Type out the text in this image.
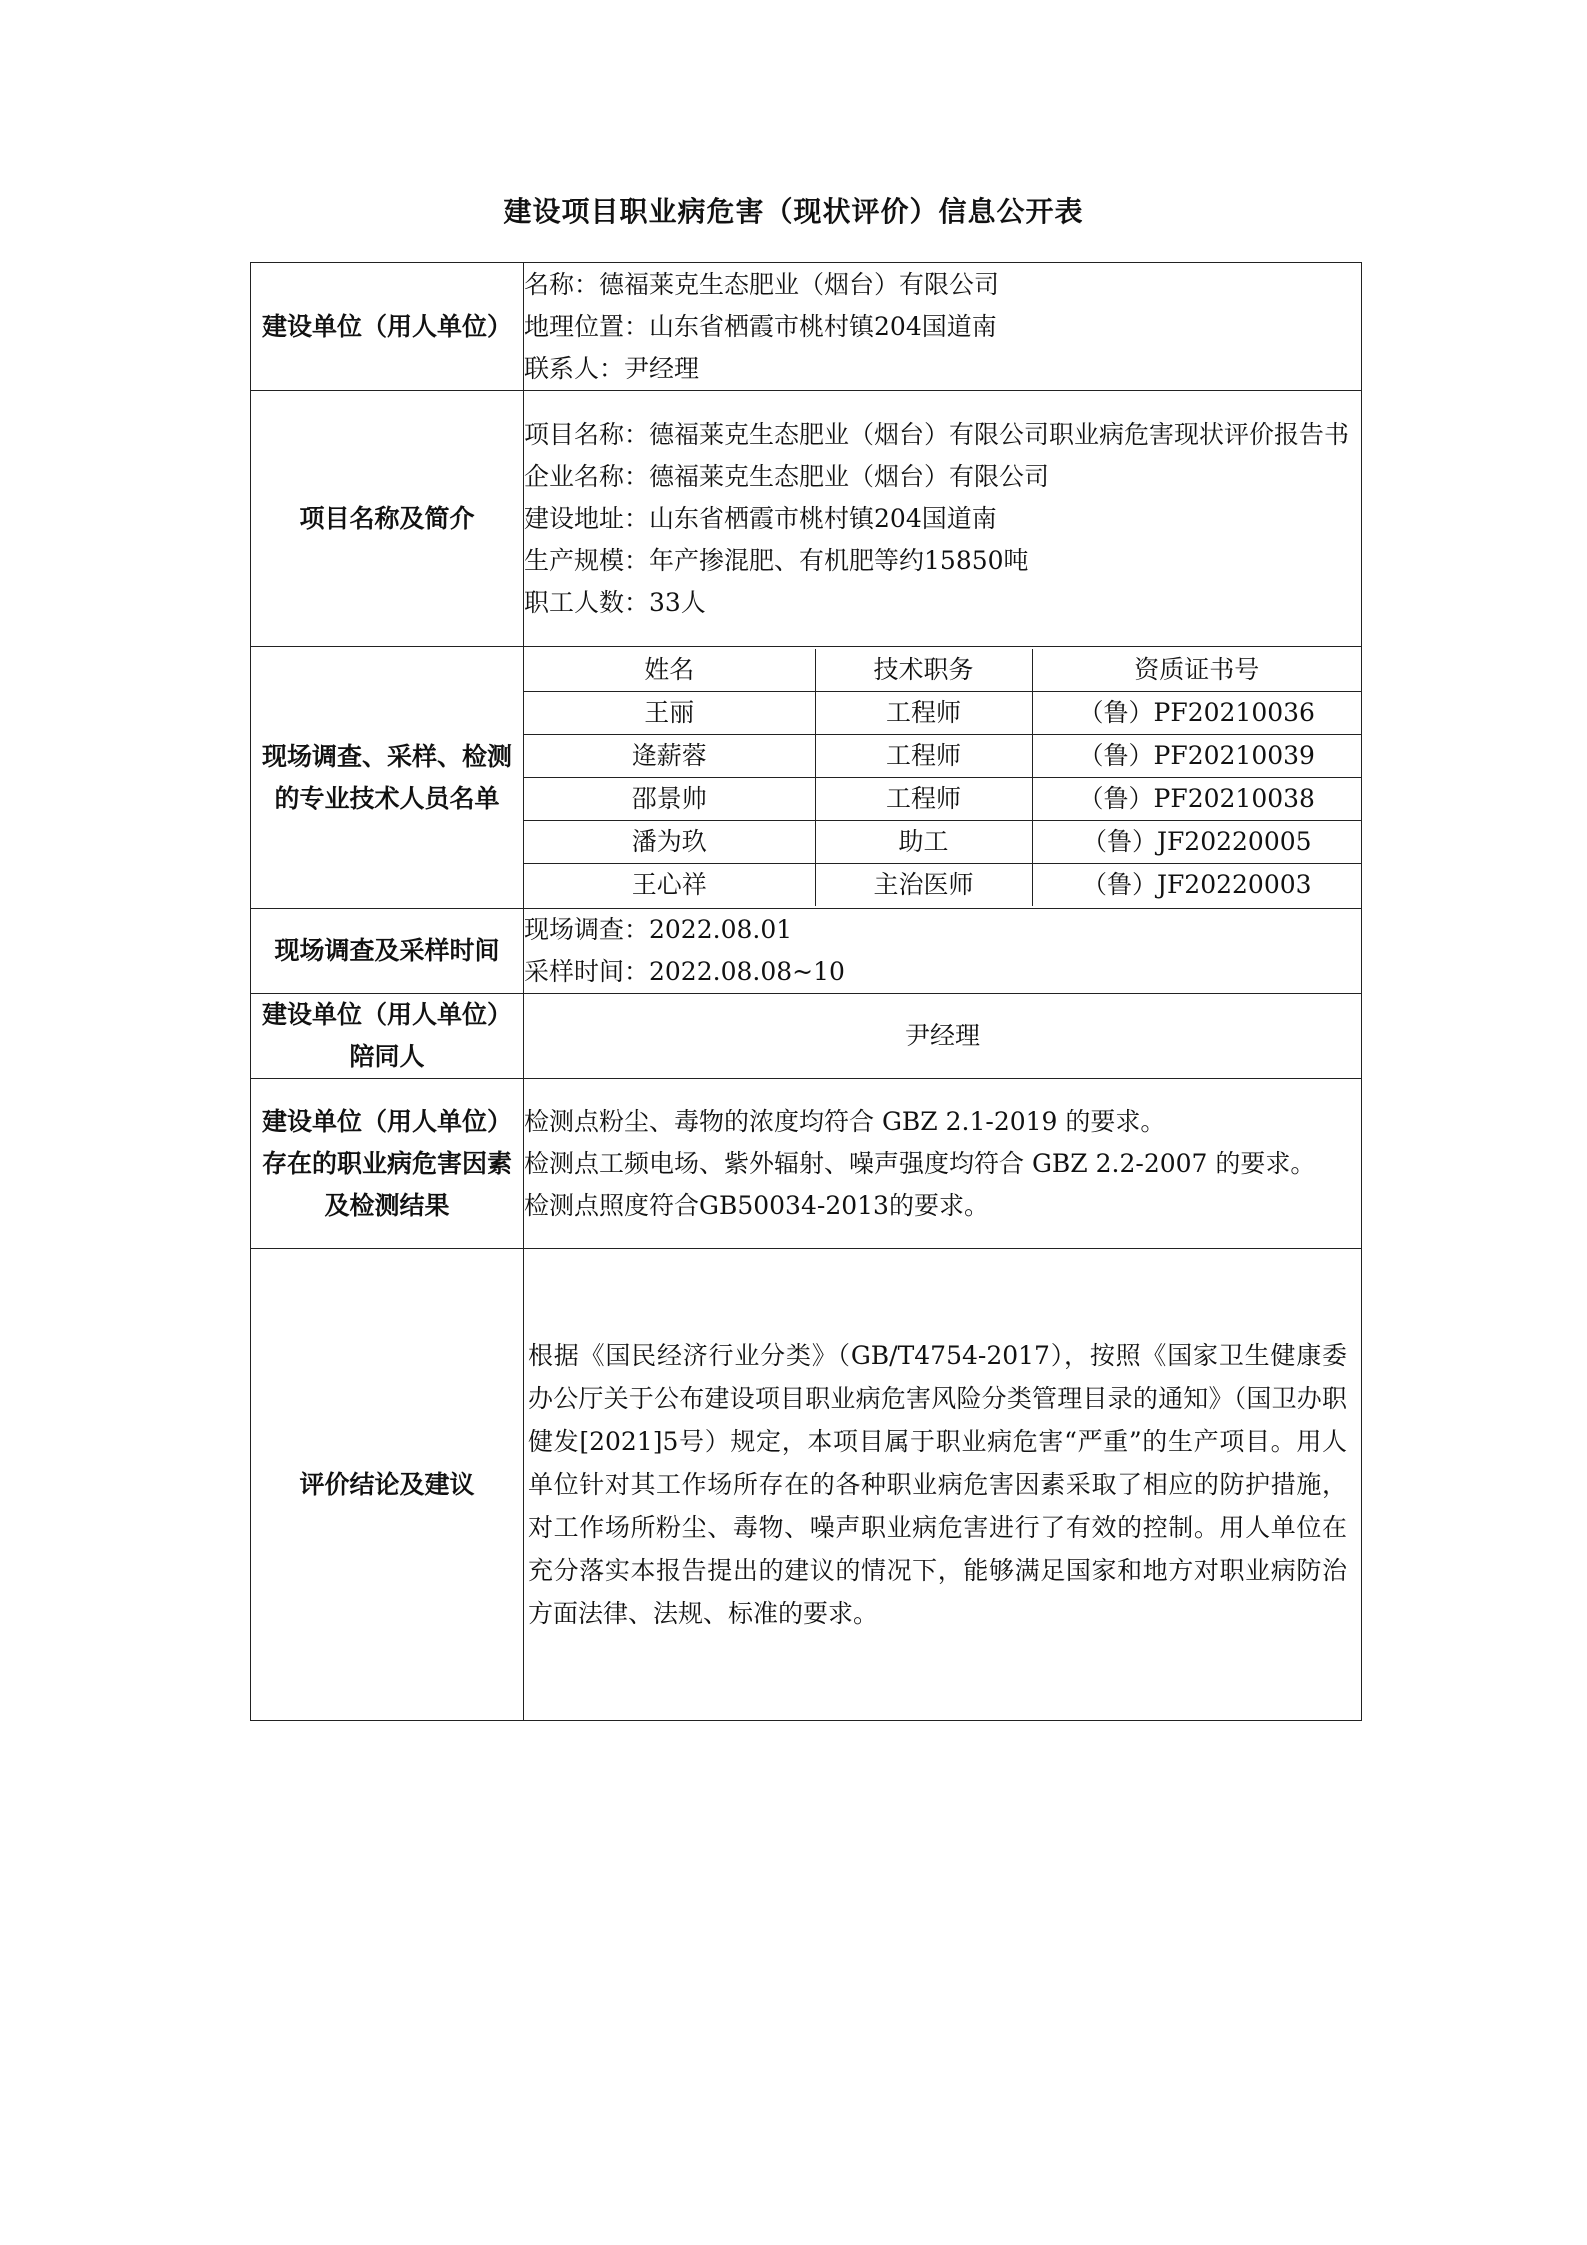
建设项目职业病危害（现状评价）信息公开表
建设单位（用人单位）	
名称：德福莱克生态肥业（烟台）有限公司
地理位置：山东省栖霞市桃村镇204国道南
联系人：尹经理

项目名称及简介	
项目名称：德福莱克生态肥业（烟台）有限公司职业病危害现状评价报告书
企业名称：德福莱克生态肥业（烟台）有限公司
建设地址：山东省栖霞市桃村镇204国道南
生产规模：年产掺混肥、有机肥等约15850吨
职工人数：33人

现场调查、采样、检测的专业技术人员名单	
姓名	技术职务	资质证书号
王丽	工程师	（鲁）PF20210036
逄薪蓉	工程师	（鲁）PF20210039
邵景帅	工程师	（鲁）PF20210038
潘为玖	助工	（鲁）JF20220005
王心祥	主治医师	（鲁）JF20220003

现场调查及采样时间	
现场调查：2022.08.01
采样时间：2022.08.08~10

建设单位（用人单位）陪同人	尹经理
建设单位（用人单位）存在的职业病危害因素及检测结果	
检测点粉尘、毒物的浓度均符合 GBZ 2.1-2019 的要求。
检测点工频电场、紫外辐射、噪声强度均符合 GBZ 2.2-2007 的要求。
检测点照度符合GB50034-2013的要求。

评价结论及建议	
根据《国民经济行业分类》（GB/T4754-2017），按照《国家卫生健康委办公厅关于公布建设项目职业病危害风险分类管理目录的通知》（国卫办职健发[2021]5号）规定，本项目属于职业病危害“严重”的生产项目。用人单位针对其工作场所存在的各种职业病危害因素采取了相应的防护措施，对工作场所粉尘、毒物、噪声职业病危害进行了有效的控制。用人单位在充分落实本报告提出的建议的情况下，能够满足国家和地方对职业病防治方面法律、法规、标准的要求。
